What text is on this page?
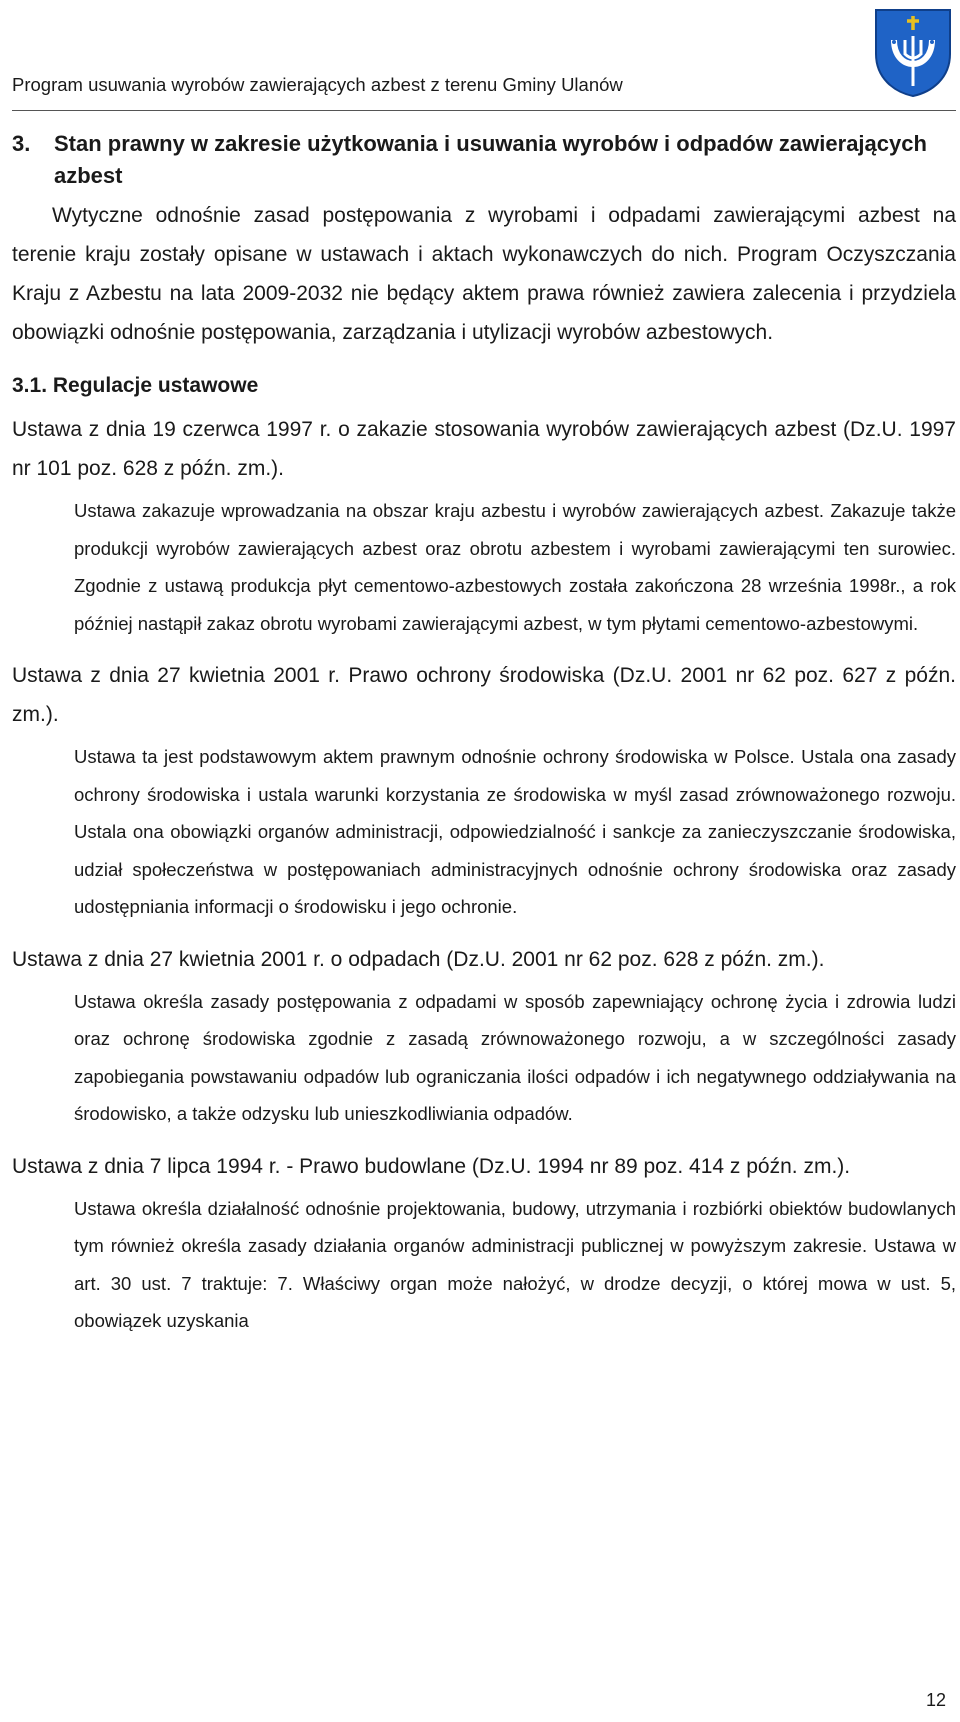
Program usuwania wyrobów zawierających azbest z terenu Gminy Ulanów
3. Stan prawny w zakresie użytkowania i usuwania wyrobów i odpadów zawierających azbest

Wytyczne odnośnie zasad postępowania z wyrobami i odpadami zawierającymi azbest na terenie kraju zostały opisane w ustawach i aktach wykonawczych do nich. Program Oczyszczania Kraju z Azbestu na lata 2009-2032 nie będący aktem prawa również zawiera zalecenia i przydziela obowiązki odnośnie postępowania, zarządzania i utylizacji wyrobów azbestowych.

3.1. Regulacje ustawowe

Ustawa z dnia 19 czerwca 1997 r. o zakazie stosowania wyrobów zawierających azbest (Dz.U. 1997 nr 101 poz. 628 z późn. zm.).

Ustawa zakazuje wprowadzania na obszar kraju azbestu i wyrobów zawierających azbest. Zakazuje także produkcji wyrobów zawierających azbest oraz obrotu azbestem i wyrobami zawierającymi ten surowiec. Zgodnie z ustawą produkcja płyt cementowo-azbestowych została zakończona 28 września 1998r., a rok później nastąpił zakaz obrotu wyrobami zawierającymi azbest, w tym płytami cementowo-azbestowymi.

Ustawa z dnia 27 kwietnia 2001 r. Prawo ochrony środowiska (Dz.U. 2001 nr 62 poz. 627 z późn. zm.).

Ustawa ta jest podstawowym aktem prawnym odnośnie ochrony środowiska w Polsce. Ustala ona zasady ochrony środowiska i ustala warunki korzystania ze środowiska w myśl zasad zrównoważonego rozwoju. Ustala ona obowiązki organów administracji, odpowiedzialność i sankcje za zanieczyszczanie środowiska, udział społeczeństwa w postępowaniach administracyjnych odnośnie ochrony środowiska oraz zasady udostępniania informacji o środowisku i jego ochronie.

Ustawa z dnia 27 kwietnia 2001 r. o odpadach (Dz.U. 2001 nr 62 poz. 628 z późn. zm.).

Ustawa określa zasady postępowania z odpadami w sposób zapewniający ochronę życia i zdrowia ludzi oraz ochronę środowiska zgodnie z zasadą zrównoważonego rozwoju, a w szczególności zasady zapobiegania powstawaniu odpadów lub ograniczania ilości odpadów i ich negatywnego oddziaływania na środowisko, a także odzysku lub unieszkodliwiania odpadów.

Ustawa z dnia 7 lipca 1994 r. - Prawo budowlane (Dz.U. 1994 nr 89 poz. 414 z późn. zm.).

Ustawa określa działalność odnośnie projektowania, budowy, utrzymania i rozbiórki obiektów budowlanych tym również określa zasady działania organów administracji publicznej w powyższym zakresie. Ustawa w art. 30 ust. 7 traktuje: 7. Właściwy organ może nałożyć, w drodze decyzji, o której mowa w ust. 5, obowiązek uzyskania

12
